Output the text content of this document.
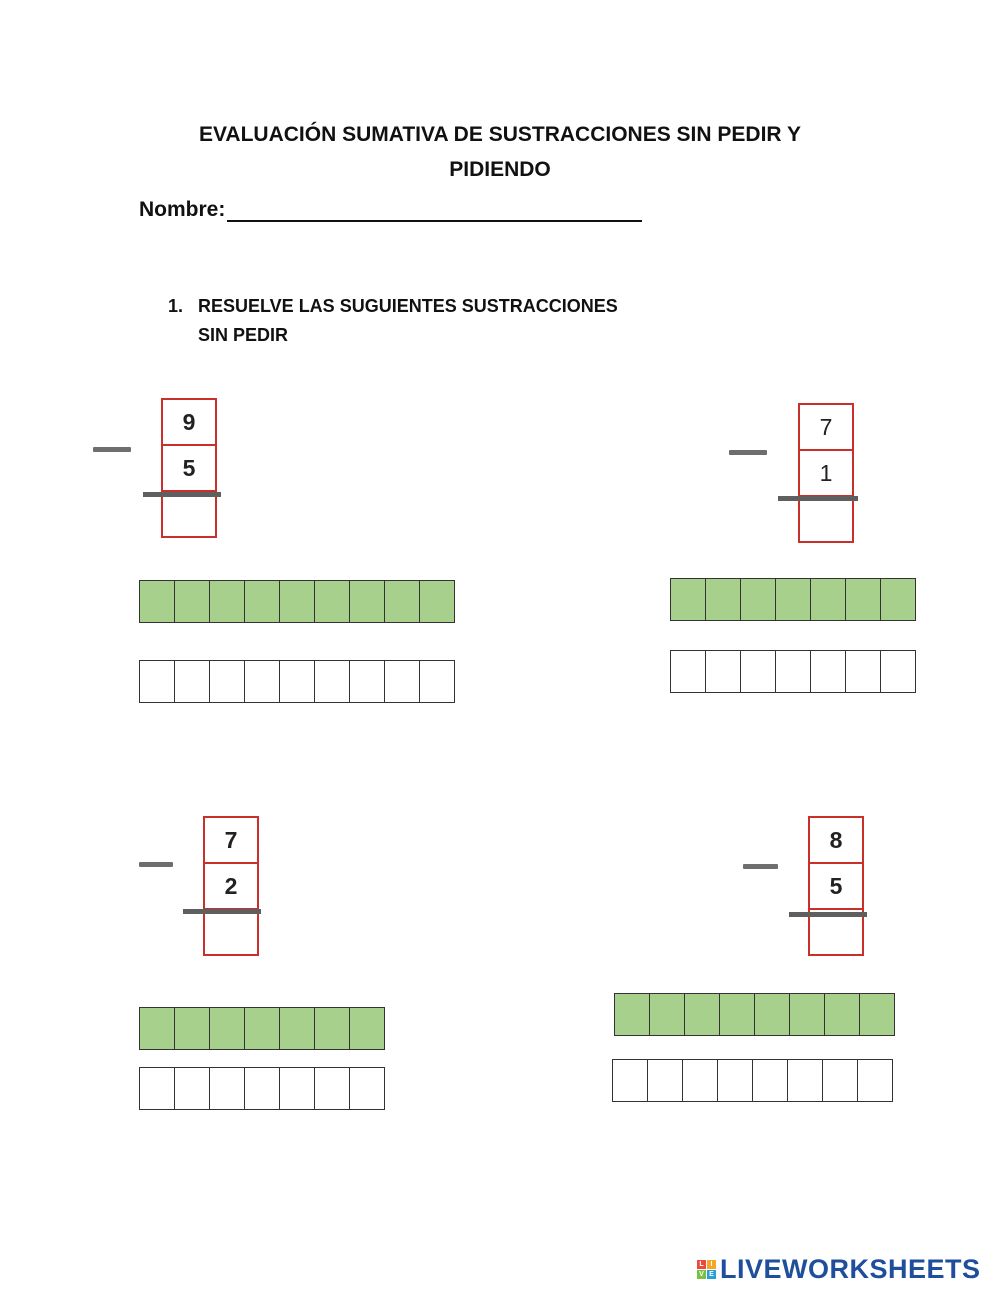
EVALUACIÓN SUMATIVA DE SUSTRACCIONES SIN PEDIR Y
PIDIENDO
Nombre:
1. RESUELVE LAS SUGUIENTES SUSTRACCIONES
SIN PEDIR
9
5
7
1
7
2
8
5
L I
V E LIVEWORKSHEETS
